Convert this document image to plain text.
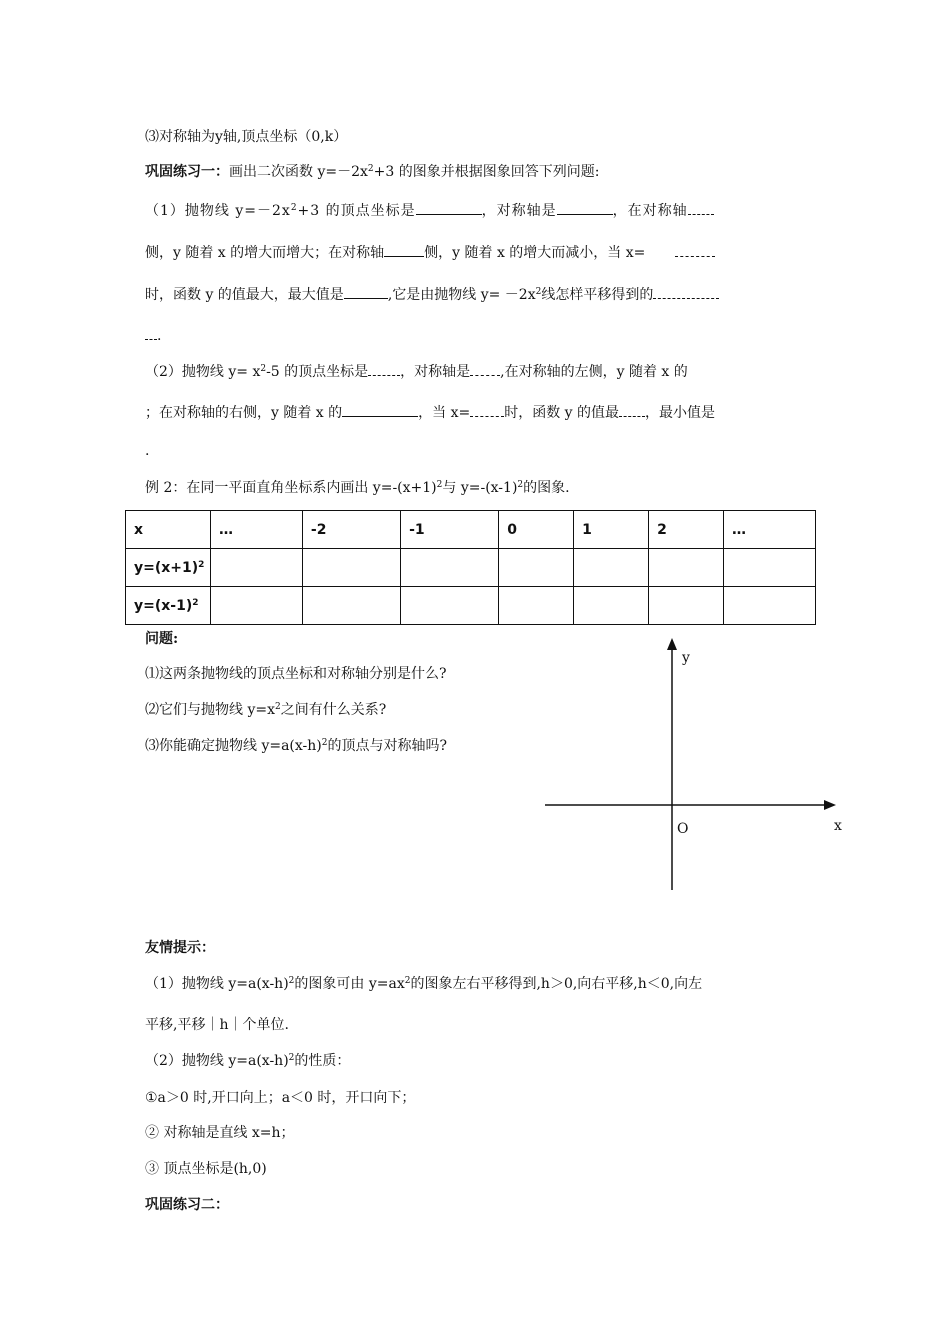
⑶对称轴为y轴,顶点坐标（0,k）
巩固练习一：画出二次函数 $y=-2x^2+3$ 的图象并根据图象回答下列问题:
（1）抛物线 $y=-2x^2+3$ 的顶点坐标是	，对称轴是	，在对称轴
侧，y 随着 x 的增大而增大；在对称轴	侧，y 随着 x 的增大而减小，当 x=
时，函数 y 的值最大，最大值是	,它是由抛物线 $y= -2x^2$线怎样平移得到的
.
（2）抛物线 $y= x^2-5$ 的顶点坐标是 ，对称轴是 ,在对称轴的左侧，y 随着 x 的
；在对称轴的右侧，y 随着 x 的	，当 x= 时，函数 y 的值最 ，最小值是
.
例 2：在同一平面直角坐标系内画出 $y=-(x+1)^2$与 $y=-(x-1)^2$的图象.
x	…	-2	-1	0	1	2	…
$y=(x+1)^2$							
$y=(x-1)^2$							
问题:
⑴这两条抛物线的顶点坐标和对称轴分别是什么?
⑵它们与抛物线 $y=x^2$之间有什么关系?
⑶你能确定抛物线 $y=a(x-h)^2$的顶点与对称轴吗?
y
x
O
友情提示：
（1）抛物线 $y=a(x-h)^2$的图象可由 $y=ax^2$的图象左右平移得到,h＞0,向右平移,h＜0,向左
平移,平移｜h｜个单位.
（2）抛物线 $y=a(x-h)^2$的性质：
①a＞0 时,开口向上；a＜0 时，开口向下；
② 对称轴是直线 x=h；
③ 顶点坐标是(h,0)
巩固练习二：
